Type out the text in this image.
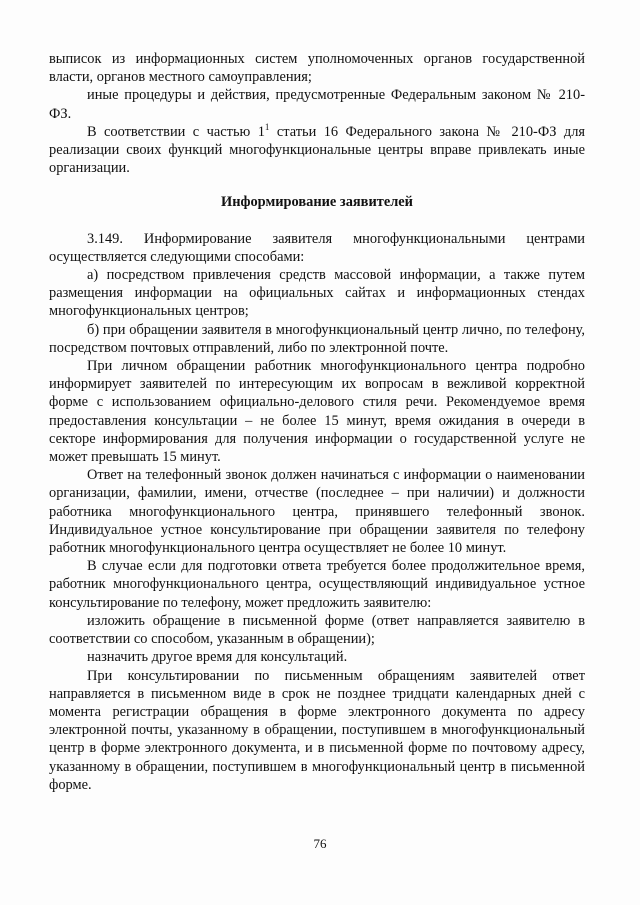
выписок из информационных систем уполномоченных органов государственной власти, органов местного самоуправления;

иные процедуры и действия, предусмотренные Федеральным законом № 210-ФЗ.

В соответствии с частью $1^1$ статьи 16 Федерального закона № 210-ФЗ для реализации своих функций многофункциональные центры вправе привлекать иные организации.

Информирование заявителей

3.149. Информирование заявителя многофункциональными центрами осуществляется следующими способами:

а) посредством привлечения средств массовой информации, а также путем размещения информации на официальных сайтах и информационных стендах многофункциональных центров;

б) при обращении заявителя в многофункциональный центр лично, по телефону, посредством почтовых отправлений, либо по электронной почте.

При личном обращении работник многофункционального центра подробно информирует заявителей по интересующим их вопросам в вежливой корректной форме с использованием официально-делового стиля речи. Рекомендуемое время предоставления консультации – не более 15 минут, время ожидания в очереди в секторе информирования для получения информации о государственной услуге не может превышать 15 минут.

Ответ на телефонный звонок должен начинаться с информации о наименовании организации, фамилии, имени, отчестве (последнее – при наличии) и должности работника многофункционального центра, принявшего телефонный звонок. Индивидуальное устное консультирование при обращении заявителя по телефону работник многофункционального центра осуществляет не более 10 минут.

В случае если для подготовки ответа требуется более продолжительное время, работник многофункционального центра, осуществляющий индивидуальное устное консультирование по телефону, может предложить заявителю:

изложить обращение в письменной форме (ответ направляется заявителю в соответствии со способом, указанным в обращении);

назначить другое время для консультаций.

При консультировании по письменным обращениям заявителей ответ направляется в письменном виде в срок не позднее тридцати календарных дней с момента регистрации обращения в форме электронного документа по адресу электронной почты, указанному в обращении, поступившем в многофункциональный центр в форме электронного документа, и в письменной форме по почтовому адресу, указанному в обращении, поступившем в многофункциональный центр в письменной форме.

76
